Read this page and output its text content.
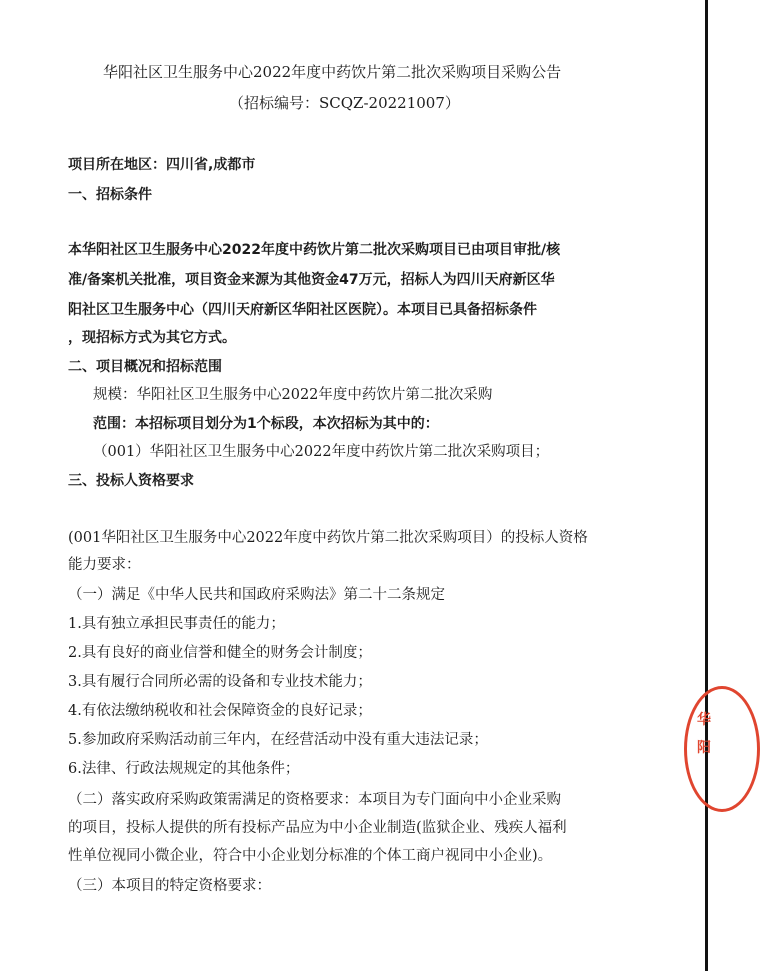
华阳社区卫生服务中心2022年度中药饮片第二批次采购项目采购公告
（招标编号：SCQZ-20221007）
项目所在地区：四川省,成都市
一、招标条件
本华阳社区卫生服务中心2022年度中药饮片第二批次采购项目已由项目审批/核
准/备案机关批准，项目资金来源为其他资金47万元，招标人为四川天府新区华
阳社区卫生服务中心（四川天府新区华阳社区医院）。本项目已具备招标条件
，现招标方式为其它方式。
二、项目概况和招标范围
规模：华阳社区卫生服务中心2022年度中药饮片第二批次采购
范围：本招标项目划分为1个标段，本次招标为其中的：
（001）华阳社区卫生服务中心2022年度中药饮片第二批次采购项目；
三、投标人资格要求
(001华阳社区卫生服务中心2022年度中药饮片第二批次采购项目）的投标人资格
能力要求：
（一）满足《中华人民共和国政府采购法》第二十二条规定
1.具有独立承担民事责任的能力；
2.具有良好的商业信誉和健全的财务会计制度；
3.具有履行合同所必需的设备和专业技术能力；
4.有依法缴纳税收和社会保障资金的良好记录；
5.参加政府采购活动前三年内，在经营活动中没有重大违法记录；
6.法律、行政法规规定的其他条件；
（二）落实政府采购政策需满足的资格要求：本项目为专门面向中小企业采购
的项目，投标人提供的所有投标产品应为中小企业制造(监狱企业、残疾人福利
性单位视同小微企业，符合中小企业划分标准的个体工商户视同中小企业)。
（三）本项目的特定资格要求：
华
阳
